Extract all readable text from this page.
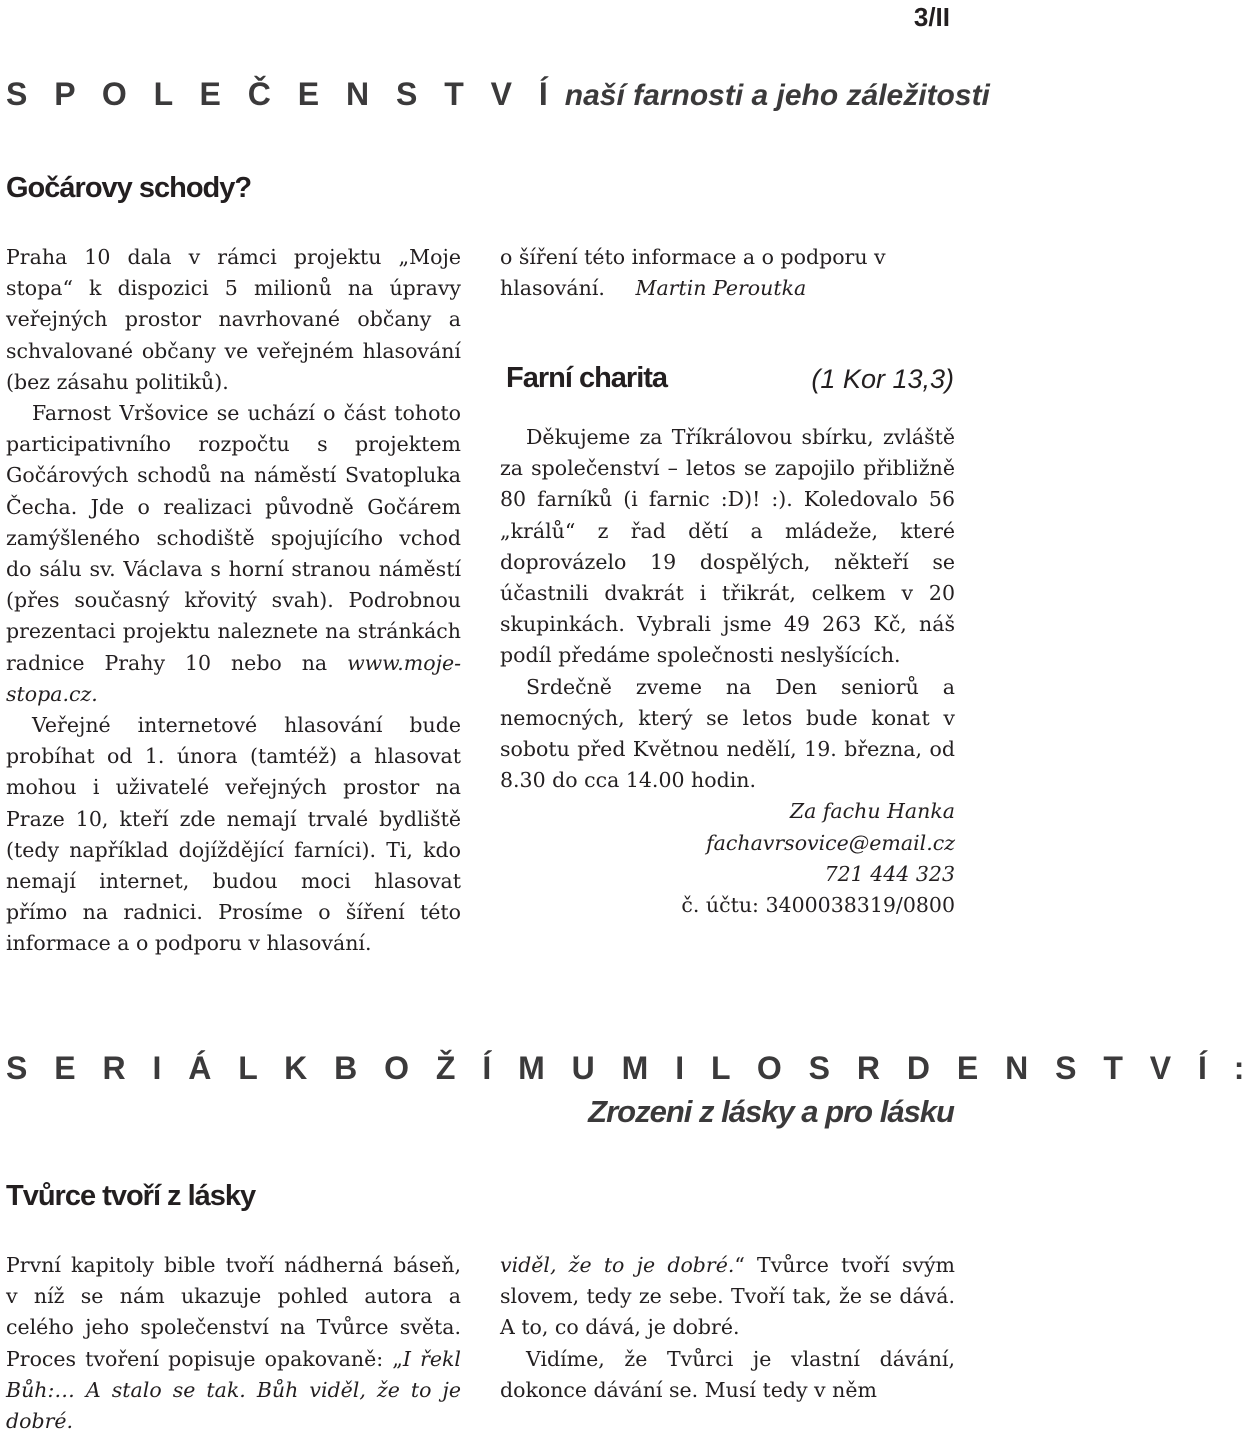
3/II
S P O L E Č E N S T V Í naší farnosti a jeho záležitosti
Gočárovy schody?

Praha 10 dala v rámci projektu „Moje stopa“ k dispozici 5 milionů na úpravy veřejných prostor navrhované občany a schvalované občany ve veřejném hlasování (bez zásahu politiků).

Farnost Vršovice se uchází o část tohoto participativního rozpočtu s projektem Gočárových schodů na náměstí Svatopluka Čecha. Jde o realizaci původně Gočárem zamýšleného schodiště spojujícího vchod do sálu sv. Václava s horní stranou náměstí (přes současný křovitý svah). Podrobnou prezentaci projektu naleznete na stránkách radnice Prahy 10 nebo na www.moje-stopa.cz.

Veřejné internetové hlasování bude probíhat od 1. února (tamtéž) a hlasovat mohou i uživatelé veřejných prostor na Praze 10, kteří zde nemají trvalé bydliště (tedy například dojíždějící farníci). Ti, kdo nemají internet, budou moci hlasovat přímo na radnici. Prosíme o šíření této informace a o podporu v hlasování.

o šíření této informace a o podporu v hlasování. Martin Peroutka

Farní charita	(1 Kor 13,3)

Děkujeme za Tříkrálovou sbírku, zvláště za společenství – letos se zapojilo přibližně 80 farníků (i farnic :D)! :). Koledovalo 56 „králů“ z řad dětí a mládeže, které doprovázelo 19 dospělých, někteří se účastnili dvakrát i třikrát, celkem v 20 skupinkách. Vybrali jsme 49 263 Kč, náš podíl předáme společnosti neslyšících.

Srdečně zveme na Den seniorů a nemocných, který se letos bude konat v sobotu před Květnou nedělí, 19. března, od 8.30 do cca 14.00 hodin.

Za fachu Hanka

fachavrsovice@email.cz

721 444 323

č. účtu: 3400038319/0800

S E R I Á L K B O Ž Í M U M I L O S R D E N S T V Í :
Zrozeni z lásky a pro lásku
Tvůrce tvoří z lásky

První kapitoly bible tvoří nádherná báseň, v níž se nám ukazuje pohled autora a celého jeho společenství na Tvůrce světa. Proces tvoření popisuje opakovaně: „I řekl Bůh:… A stalo se tak. Bůh viděl, že to je dobré.

viděl, že to je dobré.“ Tvůrce tvoří svým slovem, tedy ze sebe. Tvoří tak, že se dává. A to, co dává, je dobré.

Vidíme, že Tvůrci je vlastní dávání, dokonce dávání se. Musí tedy v něm
